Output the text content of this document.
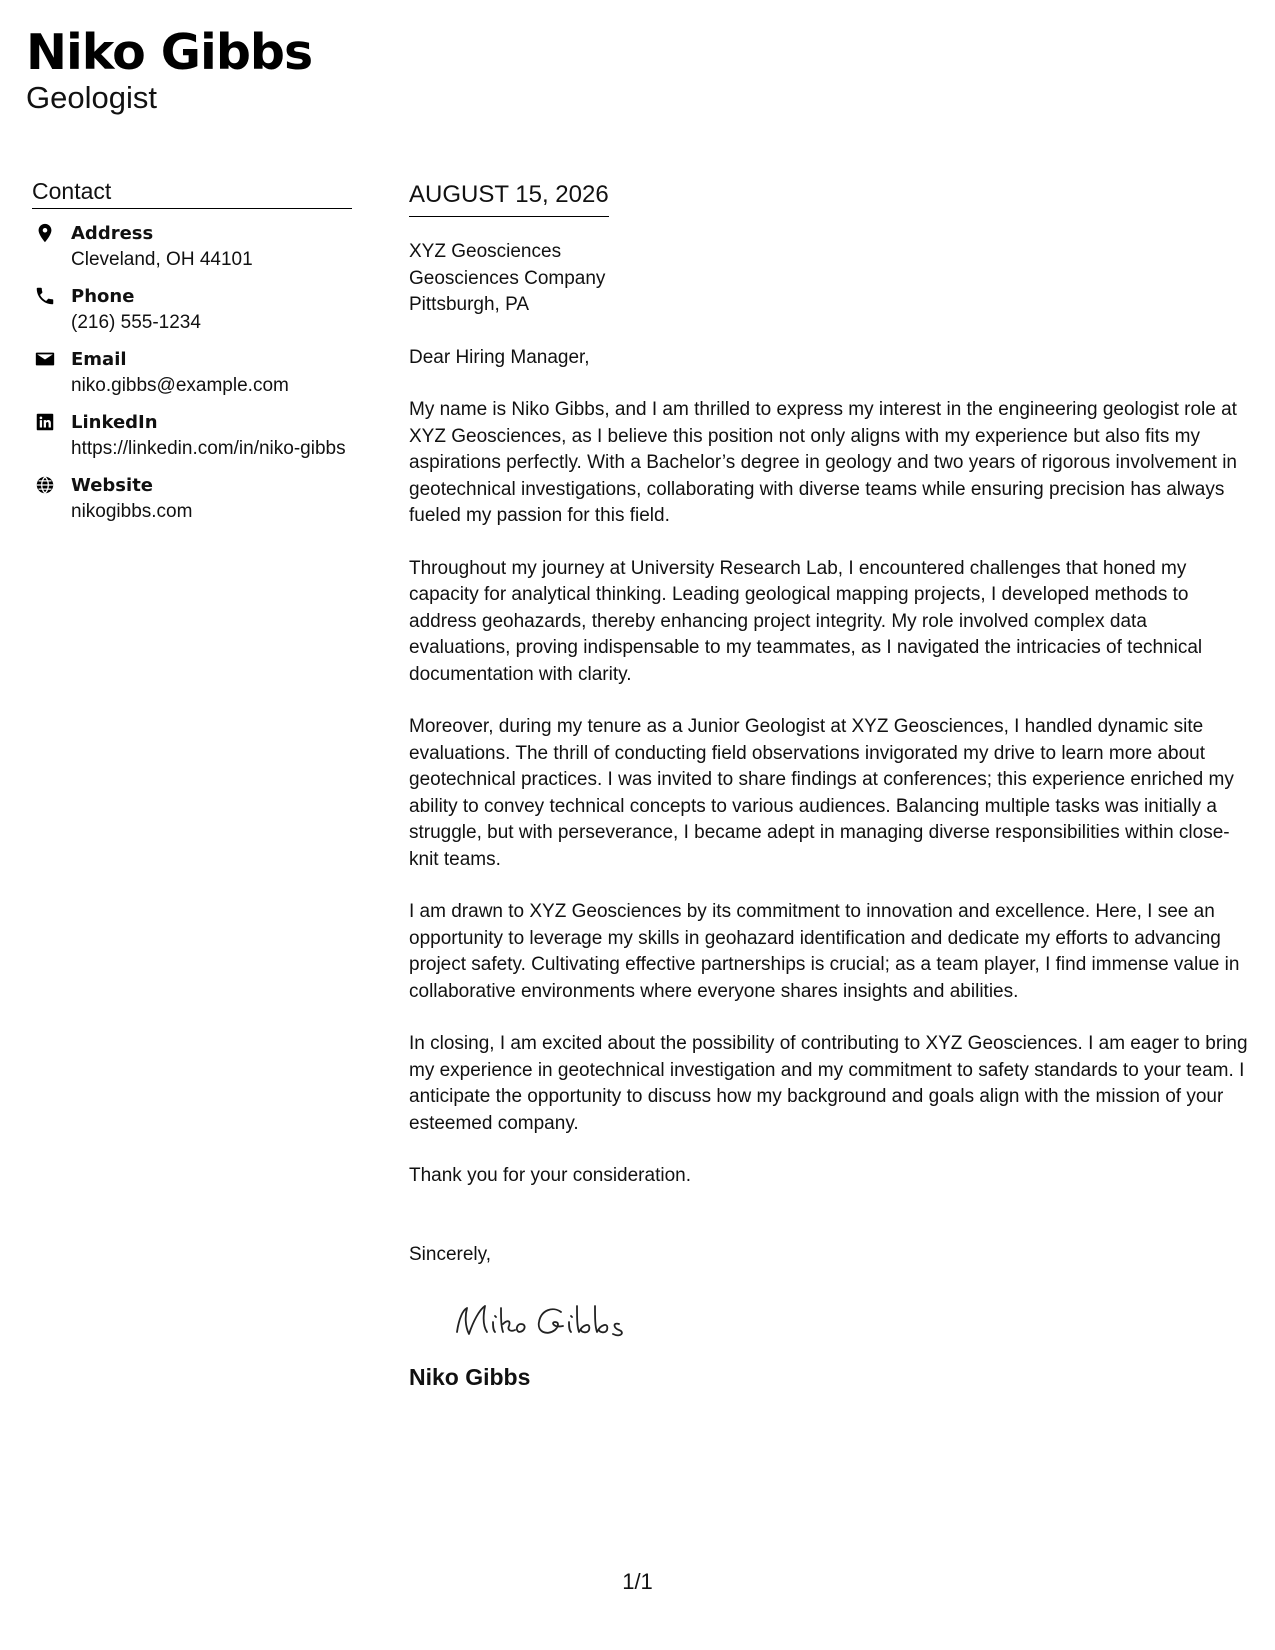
Niko Gibbs
Geologist
Contact
Address
Cleveland, OH 44101
Phone
(216) 555-1234
Email
niko.gibbs@example.com
LinkedIn
https://linkedin.com/in/niko-gibbs
Website
nikogibbs.com
AUGUST 15, 2026
XYZ Geosciences
Geosciences Company
Pittsburgh, PA
Dear Hiring Manager,

My name is Niko Gibbs, and I am thrilled to express my interest in the engineering geologist role at XYZ Geosciences, as I believe this position not only aligns with my experience but also fits my aspirations perfectly. With a Bachelor’s degree in geology and two years of rigorous involvement in geotechnical investigations, collaborating with diverse teams while ensuring precision has always fueled my passion for this field.

Throughout my journey at University Research Lab, I encountered challenges that honed my capacity for analytical thinking. Leading geological mapping projects, I developed methods to address geohazards, thereby enhancing project integrity. My role involved complex data evaluations, proving indispensable to my teammates, as I navigated the intricacies of technical documentation with clarity.

Moreover, during my tenure as a Junior Geologist at XYZ Geosciences, I handled dynamic site evaluations. The thrill of conducting field observations invigorated my drive to learn more about geotechnical practices. I was invited to share findings at conferences; this experience enriched my ability to convey technical concepts to various audiences. Balancing multiple tasks was initially a struggle, but with perseverance, I became adept in managing diverse responsibilities within close-knit teams.

I am drawn to XYZ Geosciences by its commitment to innovation and excellence. Here, I see an opportunity to leverage my skills in geohazard identification and dedicate my efforts to advancing project safety. Cultivating effective partnerships is crucial; as a team player, I find immense value in collaborative environments where everyone shares insights and abilities.

In closing, I am excited about the possibility of contributing to XYZ Geosciences. I am eager to bring my experience in geotechnical investigation and my commitment to safety standards to your team. I anticipate the opportunity to discuss how my background and goals align with the mission of your esteemed company.

Thank you for your consideration.
Sincerely,
Niko Gibbs
1/1
